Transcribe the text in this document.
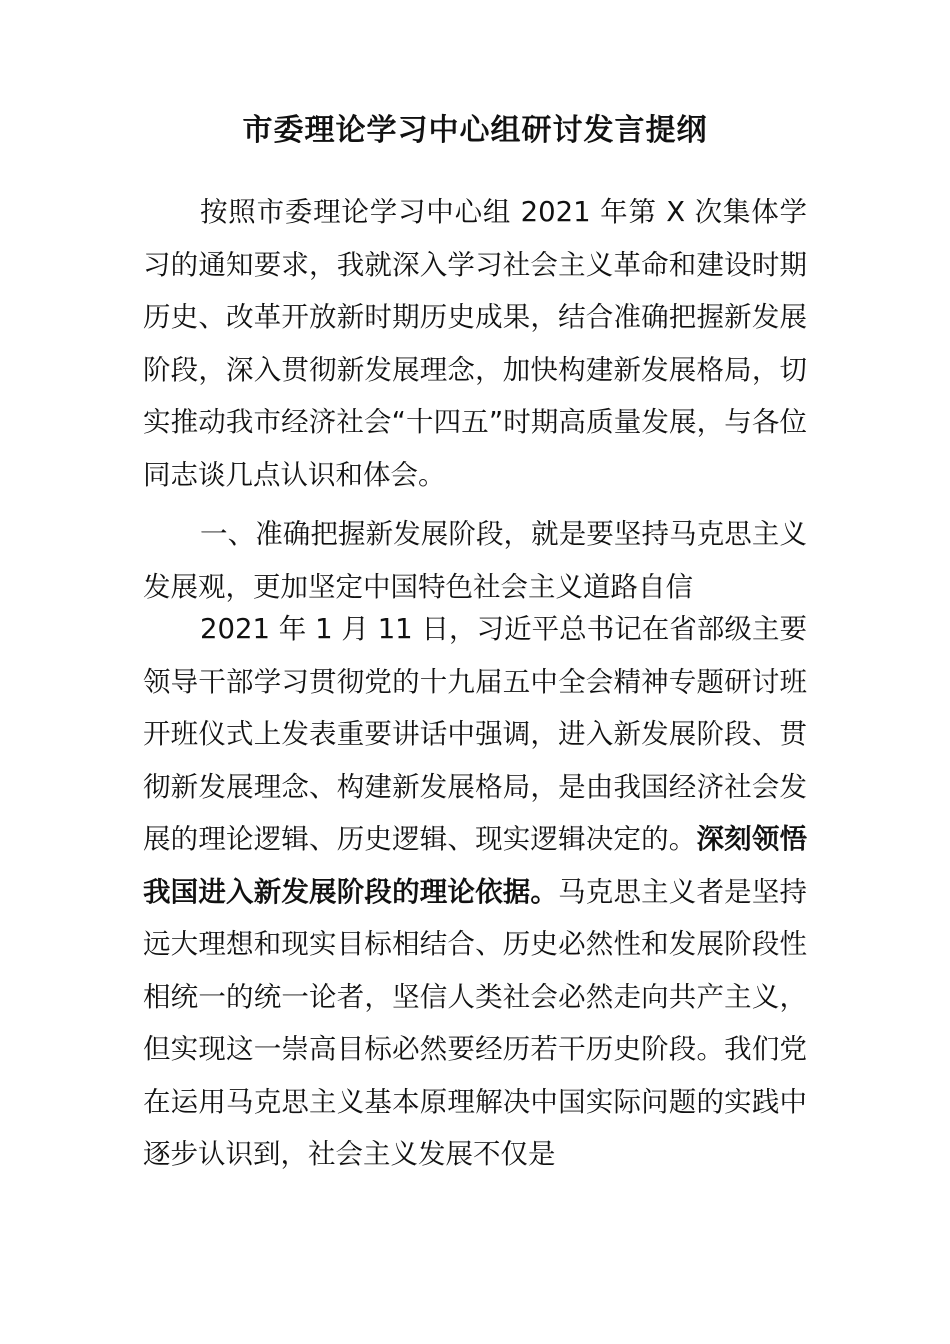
市委理论学习中心组研讨发言提纲

按照市委理论学习中心组 2021 年第 X 次集体学习的通知要求，我就深入学习社会主义革命和建设时期历史、改革开放新时期历史成果，结合准确把握新发展阶段，深入贯彻新发展理念，加快构建新发展格局，切实推动我市经济社会“十四五”时期高质量发展，与各位同志谈几点认识和体会。

一、准确把握新发展阶段，就是要坚持马克思主义发展观，更加坚定中国特色社会主义道路自信

2021 年 1 月 11 日，习近平总书记在省部级主要领导干部学习贯彻党的十九届五中全会精神专题研讨班开班仪式上发表重要讲话中强调，进入新发展阶段、贯彻新发展理念、构建新发展格局，是由我国经济社会发展的理论逻辑、历史逻辑、现实逻辑决定的。深刻领悟我国进入新发展阶段的理论依据。马克思主义者是坚持远大理想和现实目标相结合、历史必然性和发展阶段性相统一的统一论者，坚信人类社会必然走向共产主义，但实现这一崇高目标必然要经历若干历史阶段。我们党在运用马克思主义基本原理解决中国实际问题的实践中逐步认识到，社会主义发展不仅是
